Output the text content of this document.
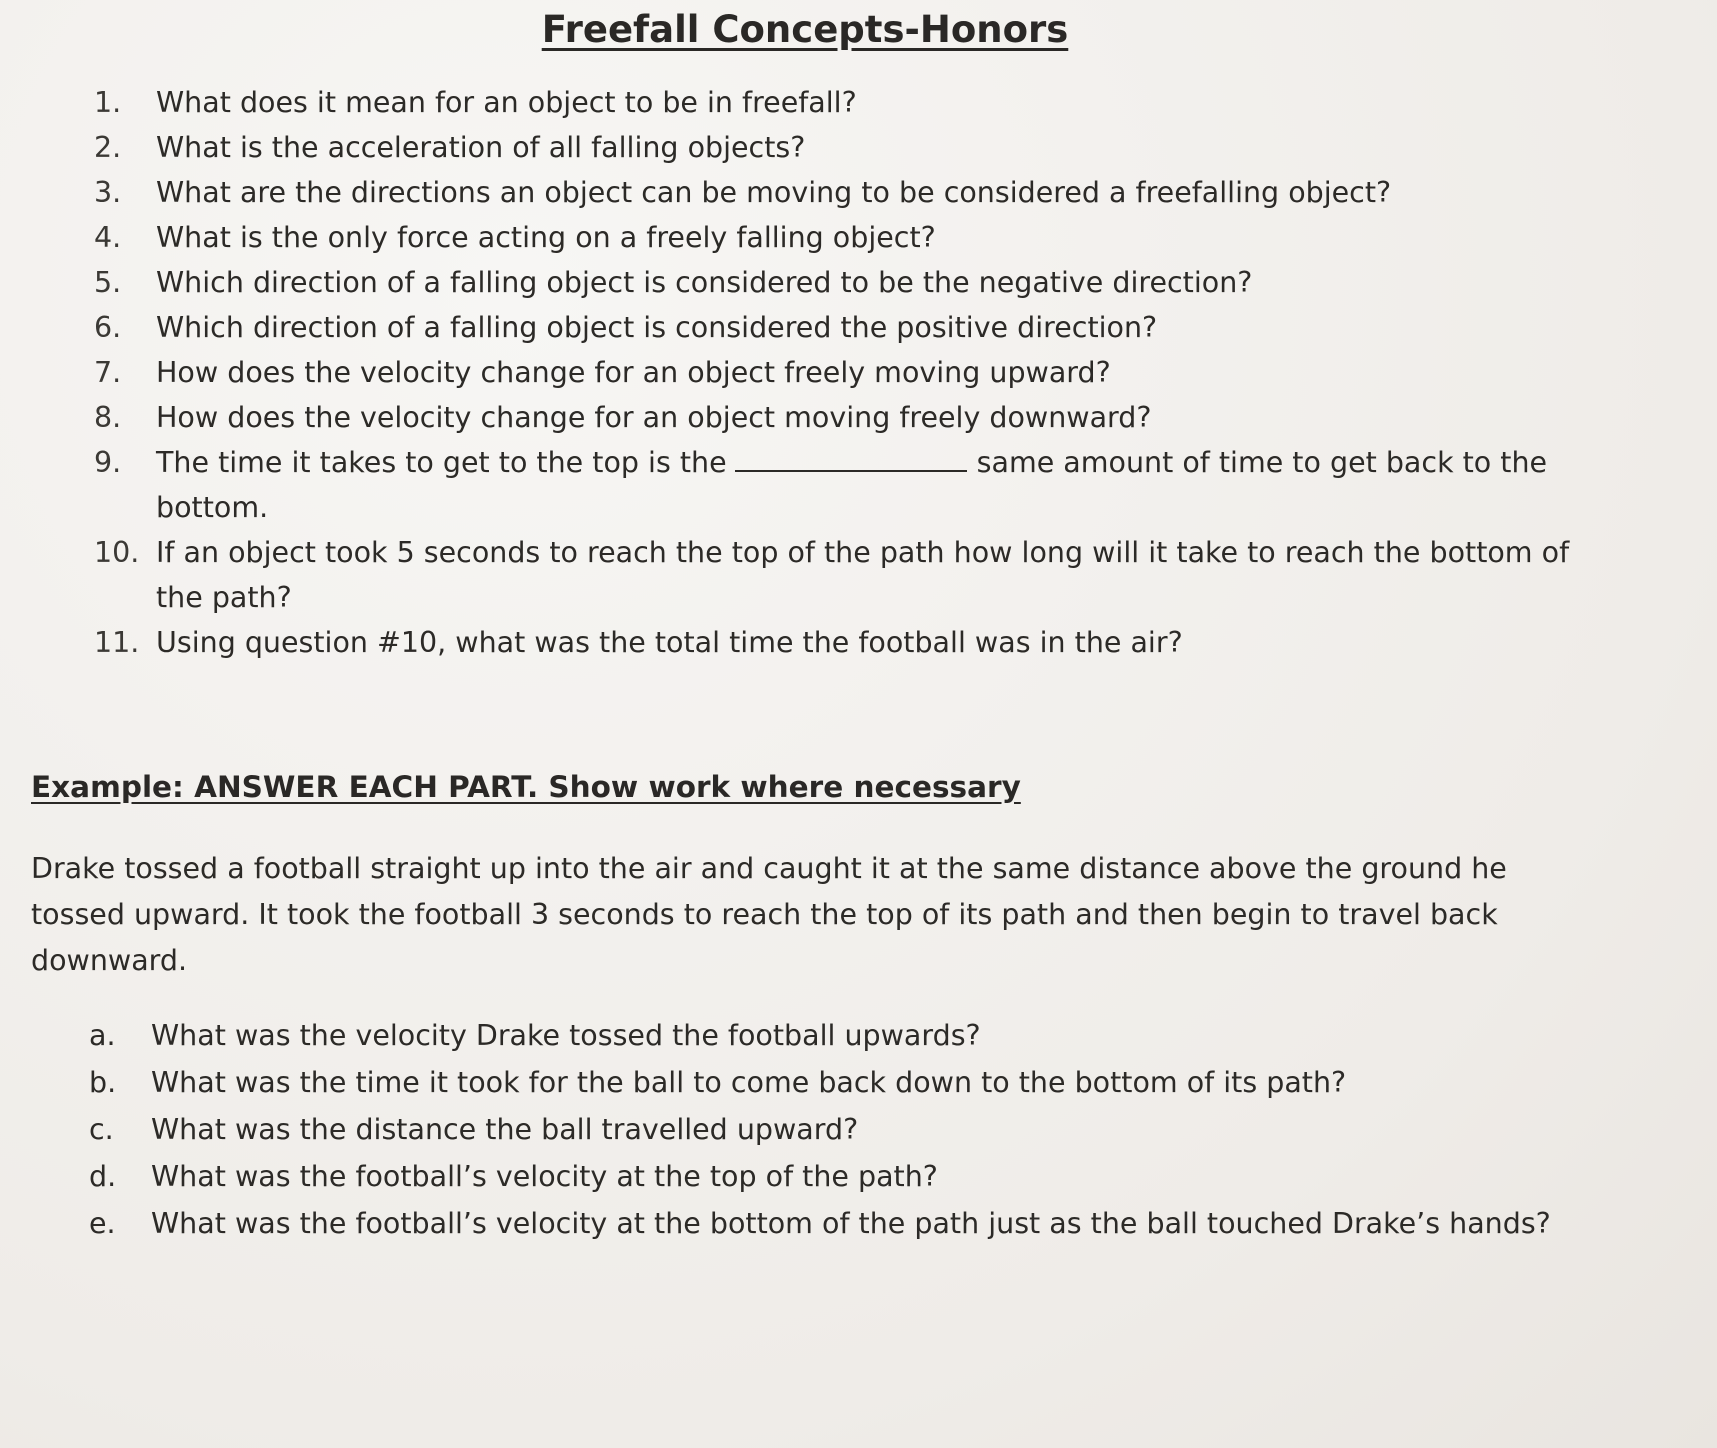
Freefall Concepts-Honors
1.	What does it mean for an object to be in freefall?
2.	What is the acceleration of all falling objects?
3.	What are the directions an object can be moving to be considered a freefalling object?
4.	What is the only force acting on a freely falling object?
5.	Which direction of a falling object is considered to be the negative direction?
6.	Which direction of a falling object is considered the positive direction?
7.	How does the velocity change for an object freely moving upward?
8.	How does the velocity change for an object moving freely downward?
9.	The time it takes to get to the top is the	same amount of time to get back to the
bottom.
10. If an object took 5 seconds to reach the top of the path how long will it take to reach the bottom of the path?
11. Using question #10, what was the total time the football was in the air?
Example: ANSWER EACH PART. Show work where necessary

Drake tossed a football straight up into the air and caught it at the same distance above the ground he tossed upward. It took the football 3 seconds to reach the top of its path and then begin to travel back downward.

a.	What was the velocity Drake tossed the football upwards?
b.	What was the time it took for the ball to come back down to the bottom of its path?
c.	What was the distance the ball travelled upward?
d.	What was the football’s velocity at the top of the path?
e.	What was the football’s velocity at the bottom of the path just as the ball touched Drake’s hands?
